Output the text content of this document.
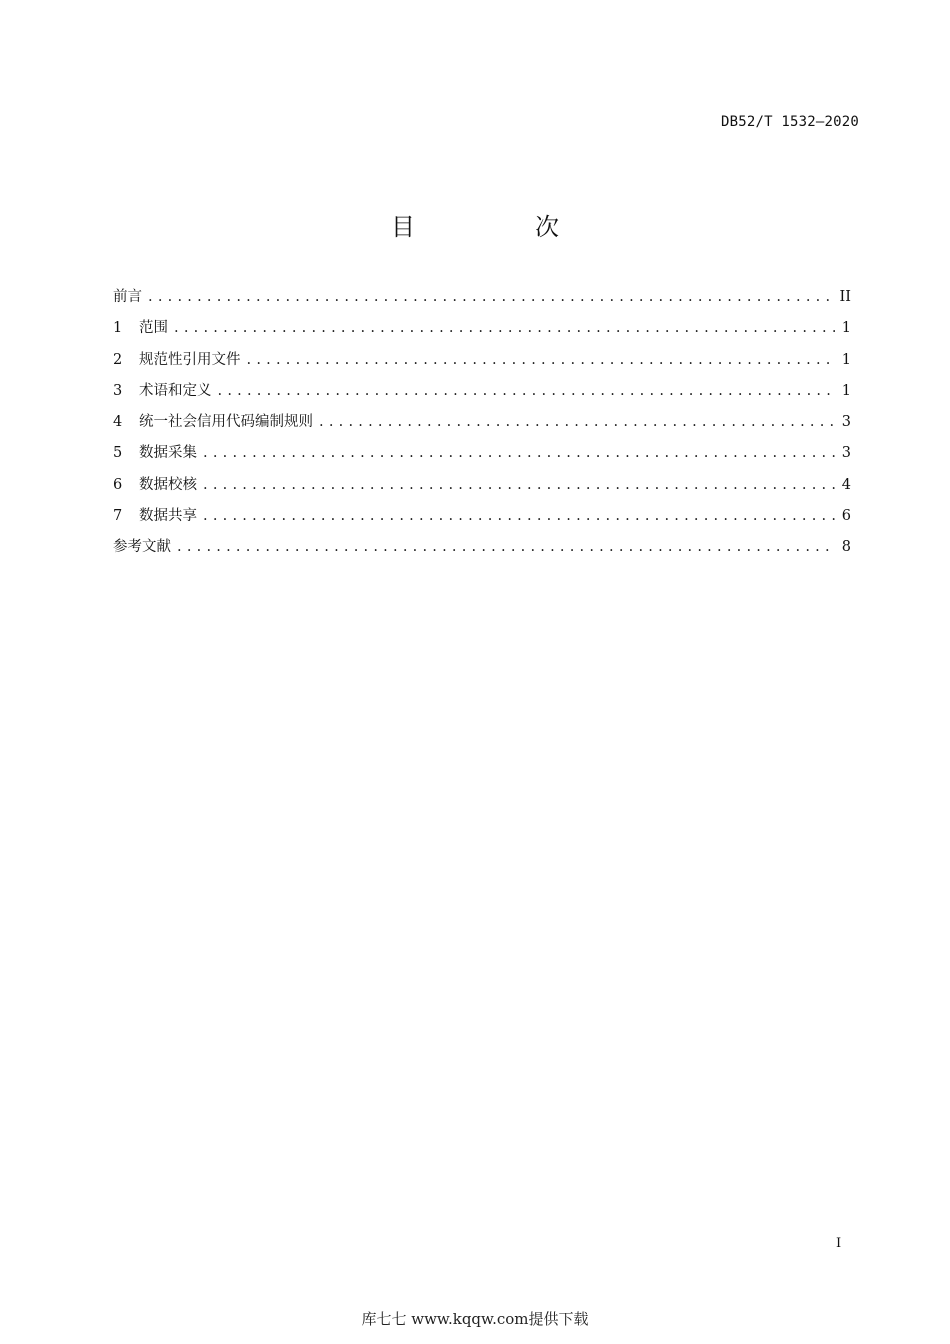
DB52/T 1532—2020
目　次
前言 . . .	II
1	范围 . . .	1
2	规范性引用文件 . . .	1
3	术语和定义 . . .	1
4	统一社会信用代码编制规则 . . .	3
5	数据采集 . . .	3
6	数据校核 . . .	4
7	数据共享 . . .	6
参考文献 . . .	8
I
库七七 www.kqqw.com提供下载
